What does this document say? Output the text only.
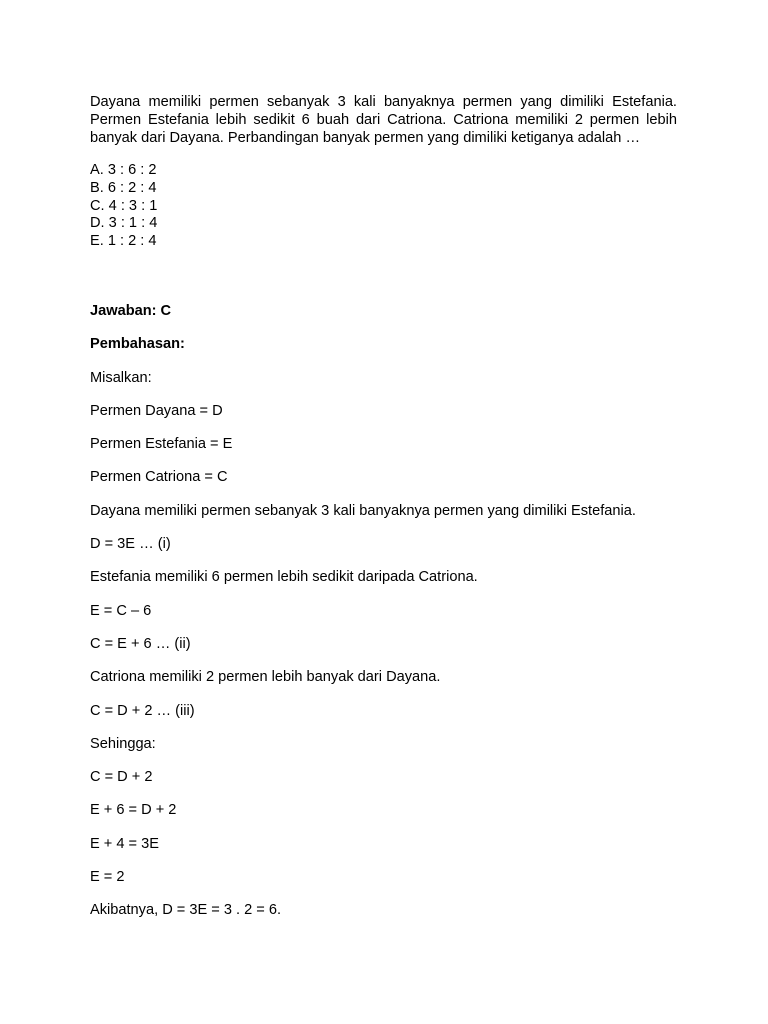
Dayana memiliki permen sebanyak 3 kali banyaknya permen yang dimiliki Estefania. Permen Estefania lebih sedikit 6 buah dari Catriona. Catriona memiliki 2 permen lebih banyak dari Dayana. Perbandingan banyak permen yang dimiliki ketiganya adalah …
A. 3 : 6 : 2
B. 6 : 2 : 4
C. 4 : 3 : 1
D. 3 : 1 : 4
E. 1 : 2 : 4
Jawaban: C
Pembahasan:
Misalkan:
Permen Dayana = D
Permen Estefania = E
Permen Catriona = C
Dayana memiliki permen sebanyak 3 kali banyaknya permen yang dimiliki Estefania.
D = 3E … (i)
Estefania memiliki 6 permen lebih sedikit daripada Catriona.
E = C – 6
C = E + 6 … (ii)
Catriona memiliki 2 permen lebih banyak dari Dayana.
C = D + 2 … (iii)
Sehingga:
C = D + 2
E + 6 = D + 2
E + 4 = 3E
E = 2
Akibatnya, D = 3E = 3 . 2 = 6.
